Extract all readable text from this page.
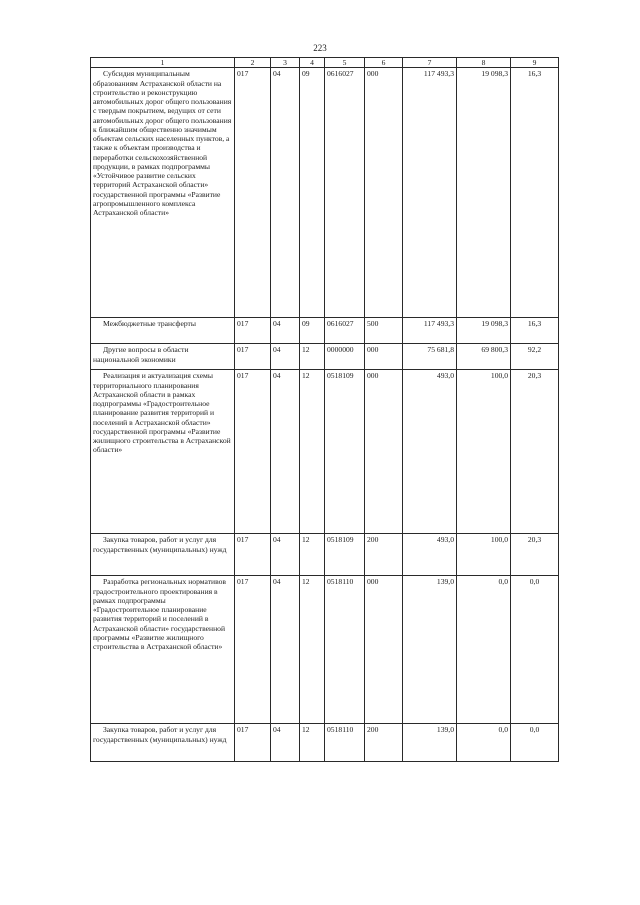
223
1	2	3	4	5	6	7	8	9
Субсидия муниципальным образованиям Астраханской области на строительство и реконструкцию автомобильных дорог общего пользования с твердым покрытием, ведущих от сети автомобильных дорог общего пользования к ближайшим общественно значимым объектам сельских населенных пунктов, а также к объектам производства и переработки сельскохозяйственной продукции, в рамках подпрограммы «Устойчивое развитие сельских территорий Астраханской области» государственной программы «Развитие агропромышленного комплекса Астраханской области»	017	04	09	0616027	000	117 493,3	19 098,3	16,3
Межбюджетные трансферты	017	04	09	0616027	500	117 493,3	19 098,3	16,3
Другие вопросы в области национальной экономики	017	04	12	0000000	000	75 681,8	69 800,3	92,2
Реализация и актуализация схемы территориального планирования Астраханской области в рамках подпрограммы «Градостроительное планирование развития территорий и поселений в Астраханской области» государственной программы «Развитие жилищного строительства в Астраханской области»	017	04	12	0518109	000	493,0	100,0	20,3
Закупка товаров, работ и услуг для государственных (муниципальных) нужд	017	04	12	0518109	200	493,0	100,0	20,3
Разработка региональных нормативов градостроительного проектирования в рамках подпрограммы «Градостроительное планирование развития территорий и поселений в Астраханской области» государственной программы «Развитие жилищного строительства в Астраханской области»	017	04	12	0518110	000	139,0	0,0	0,0
Закупка товаров, работ и услуг для государственных (муниципальных) нужд	017	04	12	0518110	200	139,0	0,0	0,0
